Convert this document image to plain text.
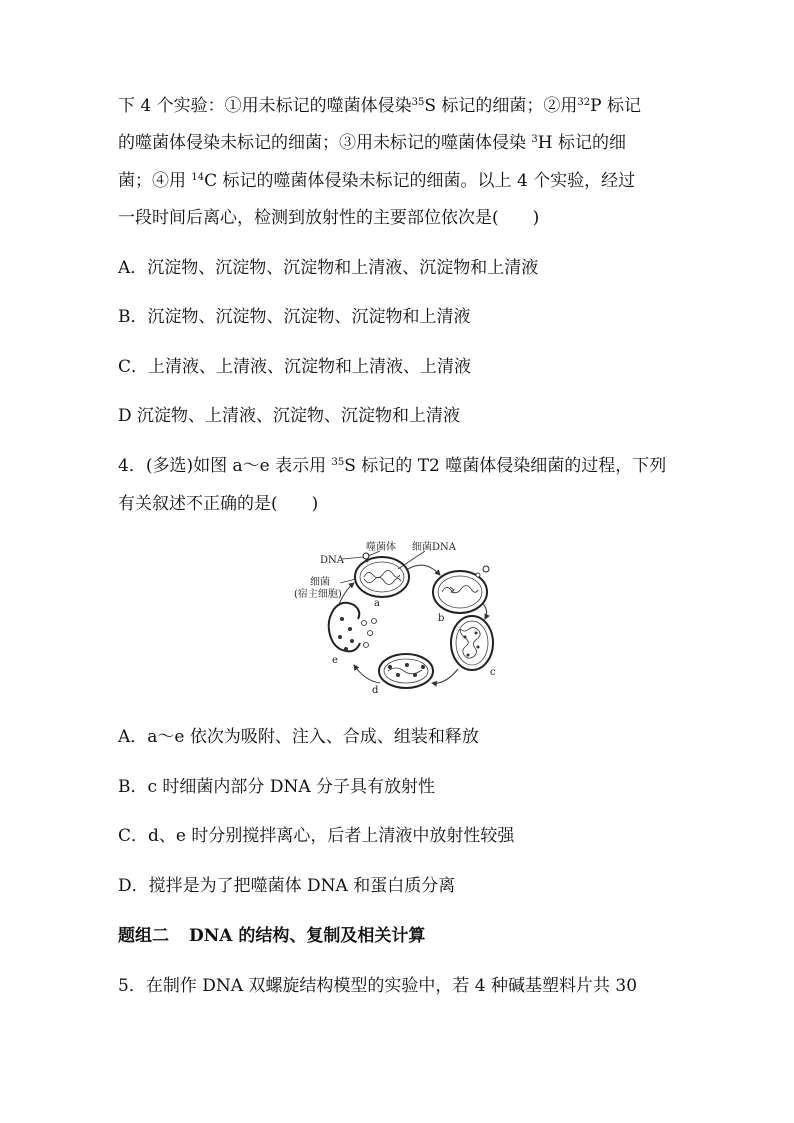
下 4 个实验：①用未标记的噬菌体侵染$^{35}$S 标记的细菌；②用$^{32}$P 标记
的噬菌体侵染未标记的细菌；③用未标记的噬菌体侵染 $^3$H 标记的细
菌；④用 $^{14}$C 标记的噬菌体侵染未标记的细菌。以上 4 个实验，经过
一段时间后离心，检测到放射性的主要部位依次是(　　)
A．沉淀物、沉淀物、沉淀物和上清液、沉淀物和上清液
B．沉淀物、沉淀物、沉淀物、沉淀物和上清液
C．上清液、上清液、沉淀物和上清液、上清液
D 沉淀物、上清液、沉淀物、沉淀物和上清液
4．(多选)如图 a～e 表示用 $^{35}$S 标记的 T2 噬菌体侵染细菌的过程，下列
有关叙述不正确的是(　　)
噬菌体 细菌DNA
DNA
细菌
(宿主细胞)
a
b
c
d
e
A．a～e 依次为吸附、注入、合成、组装和释放
B．c 时细菌内部分 DNA 分子具有放射性
C．d、e 时分别搅拌离心，后者上清液中放射性较强
D．搅拌是为了把噬菌体 DNA 和蛋白质分离
题组二 DNA 的结构、复制及相关计算
5．在制作 DNA 双螺旋结构模型的实验中，若 4 种碱基塑料片共 30
